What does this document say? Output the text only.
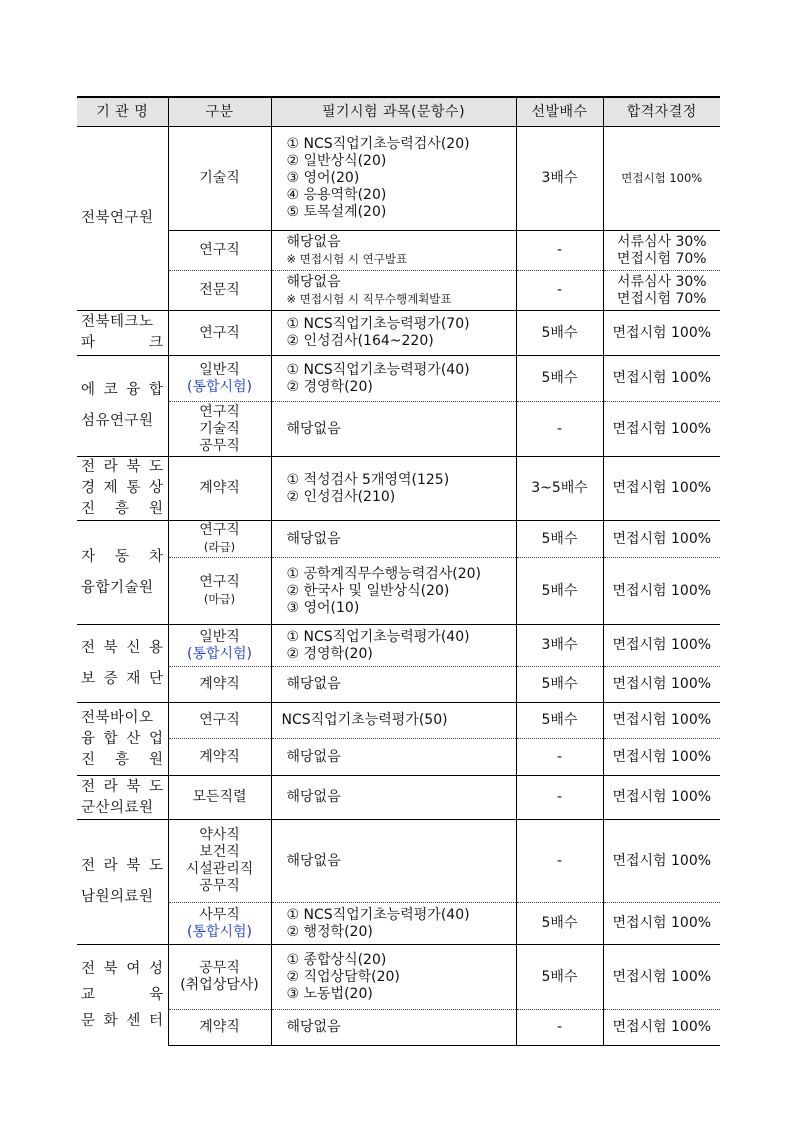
기 관 명	구분	필기시험 과목(문항수)	선발배수	합격자결정

전북연구원	기술직	① NCS직업기초능력검사(20)
② 일반상식(20)
③ 영어(20)
④ 응용역학(20)
⑤ 토목설계(20)	3배수	면접시험 100%

	연구직	해당없음
※ 면접시험 시 연구발표	-	서류심사 30%
면접시험 70%

	전문직	해당없음
※ 면접시험 시 직무수행계획발표	-	서류심사 30%
면접시험 70%

전북테크노
파 크	연구직	① NCS직업기초능력평가(70)
② 인성검사(164~220)	5배수	면접시험 100%

에 코 융 합
섬유연구원	일반직
(통합시험)	① NCS직업기초능력평가(40)
② 경영학(20)	5배수	면접시험 100%

	연구직
기술직
공무직	해당없음	-	면접시험 100%

전 라 북 도
경 제 통 상
진 흥 원	계약직	① 적성검사 5개영역(125)
② 인성검사(210)	3~5배수	면접시험 100%

자 동 차
융합기술원	연구직
(라급)	해당없음	5배수	면접시험 100%

	연구직
(마급)	① 공학계직무수행능력검사(20)
② 한국사 및 일반상식(20)
③ 영어(10)	5배수	면접시험 100%

전 북 신 용
보 증 재 단	일반직
(통합시험)	① NCS직업기초능력평가(40)
② 경영학(20)	3배수	면접시험 100%

	계약직	해당없음	5배수	면접시험 100%

전북바이오
융 합 산 업
진 흥 원	연구직	NCS직업기초능력평가(50)	5배수	면접시험 100%

	계약직	해당없음	-	면접시험 100%

전 라 북 도
군산의료원	모든직렬	해당없음	-	면접시험 100%

전 라 북 도
남원의료원	약사직
보건직
시설관리직
공무직	해당없음	-	면접시험 100%

	사무직
(통합시험)	① NCS직업기초능력평가(40)
② 행정학(20)	5배수	면접시험 100%

전 북 여 성
교 육
문 화 센 터	공무직
(취업상담사)	① 종합상식(20)
② 직업상담학(20)
③ 노동법(20)	5배수	면접시험 100%

	계약직	해당없음	-	면접시험 100%
